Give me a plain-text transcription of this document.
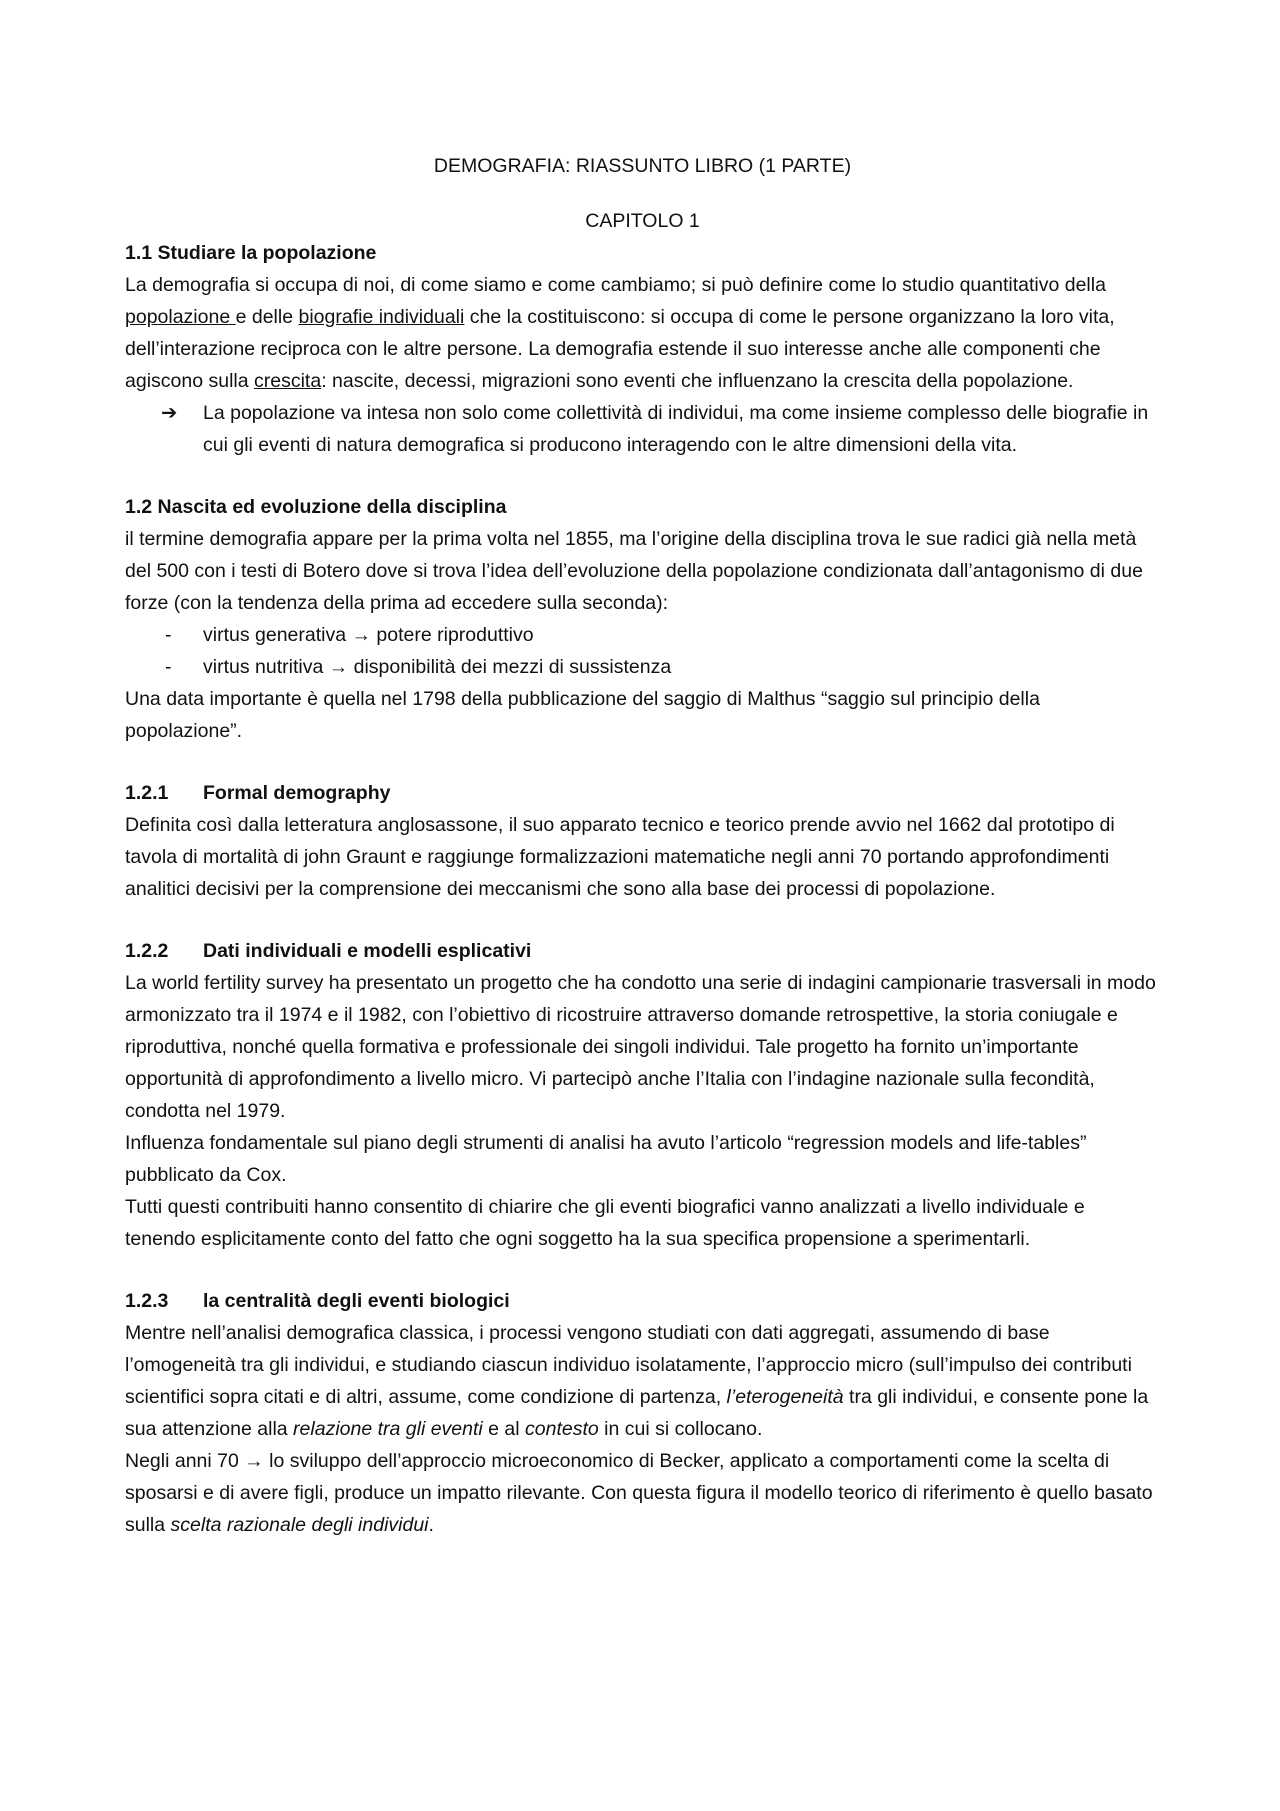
DEMOGRAFIA: RIASSUNTO LIBRO (1 PARTE)

CAPITOLO 1

1.1 Studiare la popolazione

La demografia si occupa di noi, di come siamo e come cambiamo; si può definire come lo studio quantitativo della popolazione e delle biografie individuali che la costituiscono: si occupa di come le persone organizzano la loro vita, dell’interazione reciproca con le altre persone. La demografia estende il suo interesse anche alle componenti che agiscono sulla crescita: nascite, decessi, migrazioni sono eventi che influenzano la crescita della popolazione.

➔	La popolazione va intesa non solo come collettività di individui, ma come insieme complesso delle biografie in cui gli eventi di natura demografica si producono interagendo con le altre dimensioni della vita.
1.2 Nascita ed evoluzione della disciplina

il termine demografia appare per la prima volta nel 1855, ma l’origine della disciplina trova le sue radici già nella metà del 500 con i testi di Botero dove si trova l’idea dell’evoluzione della popolazione condizionata dall’antagonismo di due forze (con la tendenza della prima ad eccedere sulla seconda):

-	virtus generativa → potere riproduttivo
-	virtus nutritiva → disponibilità dei mezzi di sussistenza

Una data importante è quella nel 1798 della pubblicazione del saggio di Malthus “saggio sul principio della popolazione”.

1.2.1 Formal demography

Definita così dalla letteratura anglosassone, il suo apparato tecnico e teorico prende avvio nel 1662 dal prototipo di tavola di mortalità di john Graunt e raggiunge formalizzazioni matematiche negli anni 70 portando approfondimenti analitici decisivi per la comprensione dei meccanismi che sono alla base dei processi di popolazione.

1.2.2 Dati individuali e modelli esplicativi

La world fertility survey ha presentato un progetto che ha condotto una serie di indagini campionarie trasversali in modo armonizzato tra il 1974 e il 1982, con l’obiettivo di ricostruire attraverso domande retrospettive, la storia coniugale e riproduttiva, nonché quella formativa e professionale dei singoli individui. Tale progetto ha fornito un’importante opportunità di approfondimento a livello micro. Vi partecipò anche l’Italia con l’indagine nazionale sulla fecondità, condotta nel 1979.

Influenza fondamentale sul piano degli strumenti di analisi ha avuto l’articolo “regression models and life-tables” pubblicato da Cox.

Tutti questi contribuiti hanno consentito di chiarire che gli eventi biografici vanno analizzati a livello individuale e tenendo esplicitamente conto del fatto che ogni soggetto ha la sua specifica propensione a sperimentarli.

1.2.3 la centralità degli eventi biologici

Mentre nell’analisi demografica classica, i processi vengono studiati con dati aggregati, assumendo di base l’omogeneità tra gli individui, e studiando ciascun individuo isolatamente, l’approccio micro (sull’impulso dei contributi scientifici sopra citati e di altri, assume, come condizione di partenza, l’eterogeneità tra gli individui, e consente pone la sua attenzione alla relazione tra gli eventi e al contesto in cui si collocano.

Negli anni 70 → lo sviluppo dell’approccio microeconomico di Becker, applicato a comportamenti come la scelta di sposarsi e di avere figli, produce un impatto rilevante. Con questa figura il modello teorico di riferimento è quello basato sulla scelta razionale degli individui.
